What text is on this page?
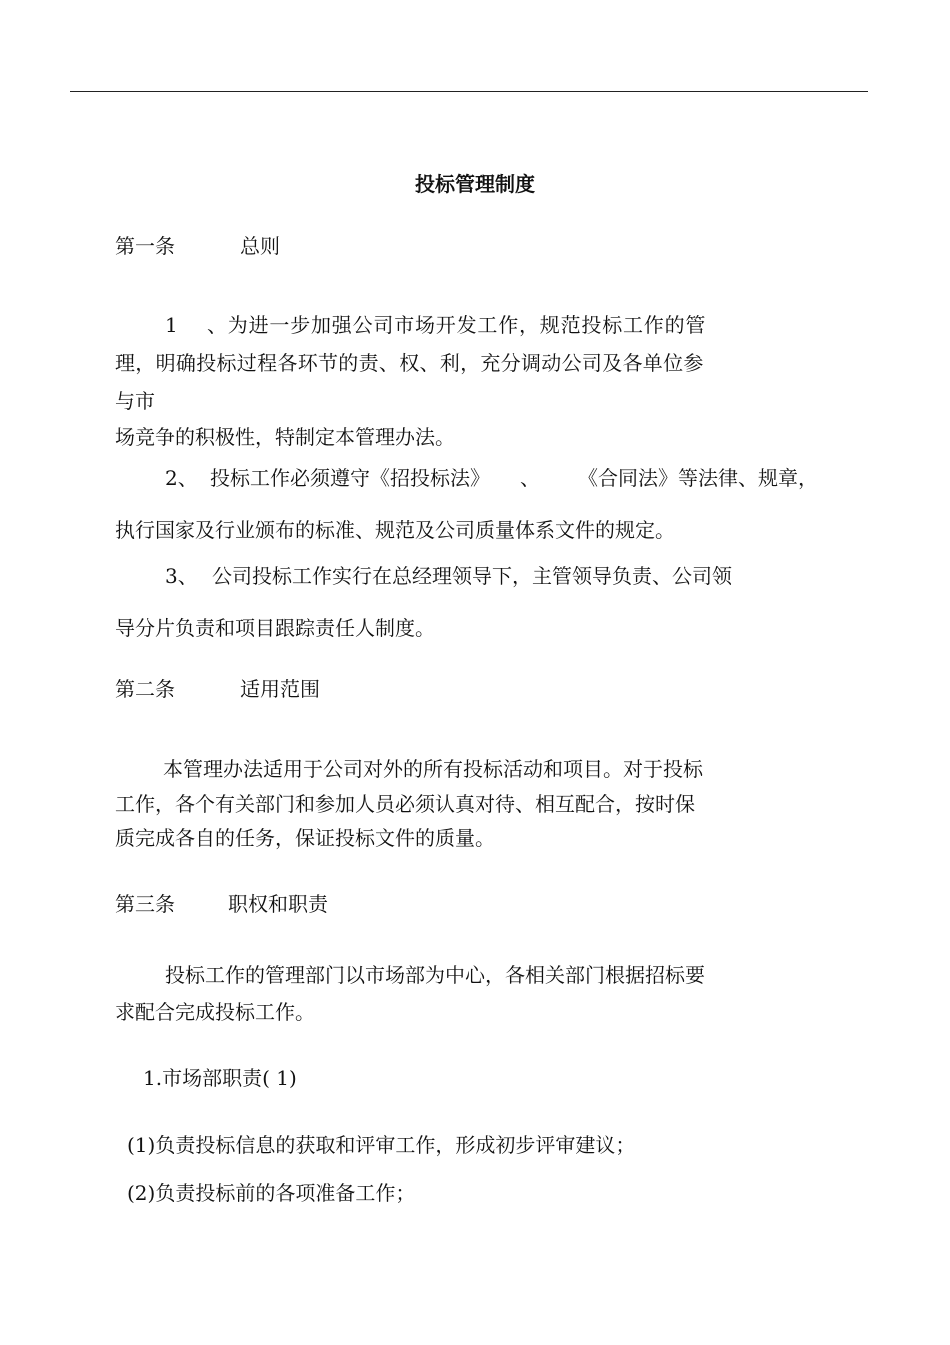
投标管理制度
第一条	总则
1 、为进一步加强公司市场开发工作，规范投标工作的管
理，明确投标过程各环节的责、权、利，充分调动公司及各单位参
与市
场竞争的积极性，特制定本管理办法。
2、 投标工作必须遵守《招投标法》 、 《合同法》等法律、规章，
执行国家及行业颁布的标准、规范及公司质量体系文件的规定。
3、 公司投标工作实行在总经理领导下，主管领导负责、公司领
导分片负责和项目跟踪责任人制度。
第二条	适用范围
本管理办法适用于公司对外的所有投标活动和项目。对于投标
工作，各个有关部门和参加人员必须认真对待、相互配合，按时保
质完成各自的任务，保证投标文件的质量。
第三条	职权和职责
投标工作的管理部门以市场部为中心，各相关部门根据招标要
求配合完成投标工作。
1.市场部职责( 1)
(1)负责投标信息的获取和评审工作，形成初步评审建议；
(2)负责投标前的各项准备工作；
